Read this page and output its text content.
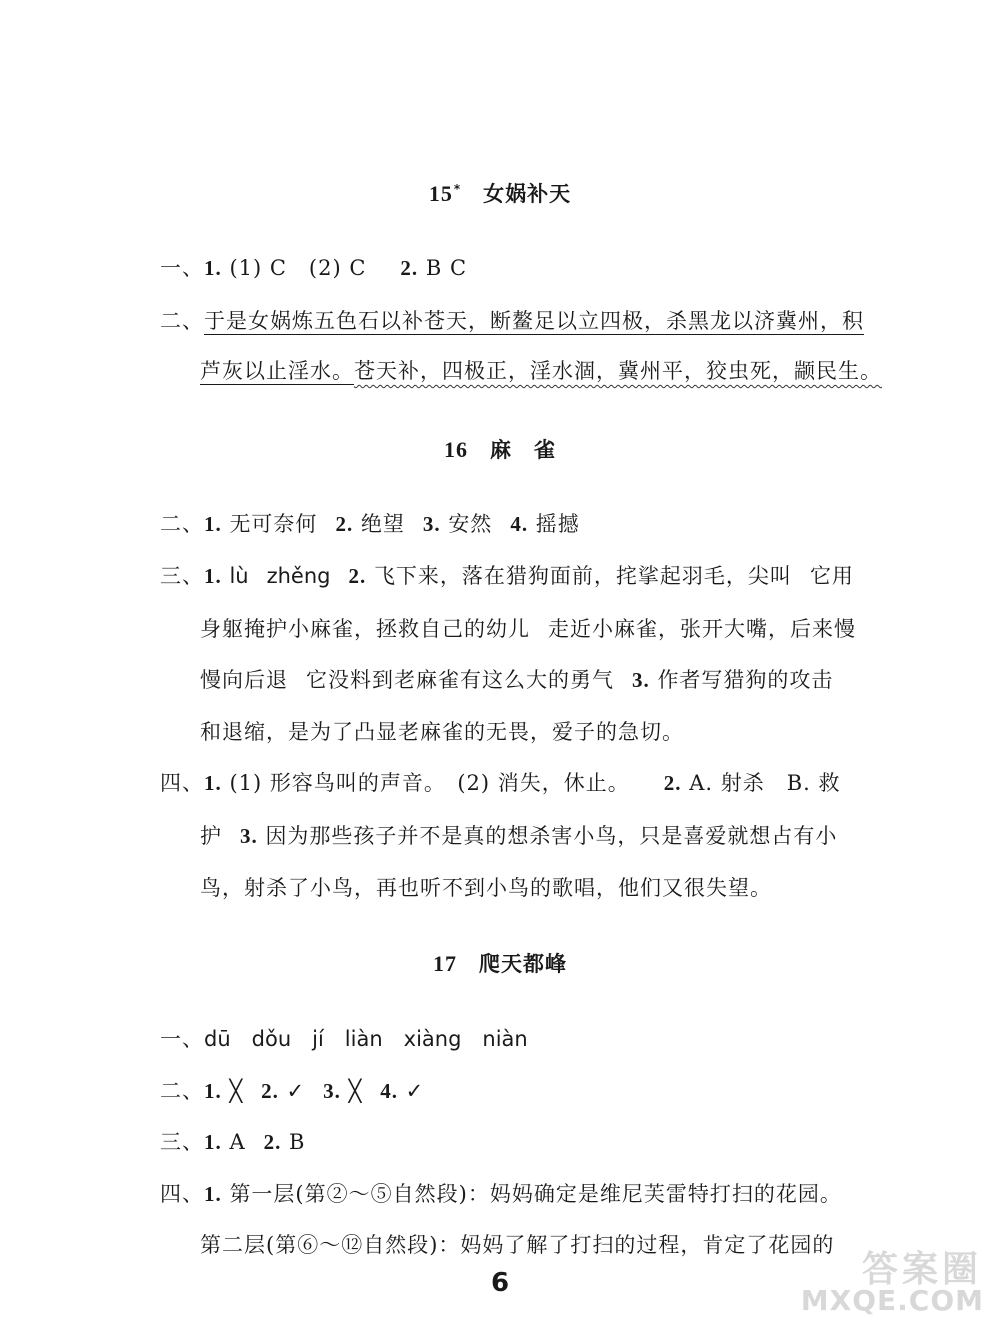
15* 女娲补天
一、1. (1) C　(2) C 2. B C
二、于是女娲炼五色石以补苍天，断鳌足以立四极，杀黑龙以济冀州，积
芦灰以止淫水。苍天补，四极正，淫水涸，冀州平，狡虫死，颛民生。
16 麻 雀
二、1. 无可奈何 2. 绝望 3. 安然 4. 摇撼
三、1. lù zhěng 2. 飞下来，落在猎狗面前，挓挲起羽毛，尖叫 它用
身躯掩护小麻雀，拯救自己的幼儿 走近小麻雀，张开大嘴，后来慢
慢向后退 它没料到老麻雀有这么大的勇气 3. 作者写猎狗的攻击
和退缩，是为了凸显老麻雀的无畏，爱子的急切。
四、1. (1) 形容鸟叫的声音。　(2) 消失，休止。 2. A. 射杀　B. 救
护 3. 因为那些孩子并不是真的想杀害小鸟，只是喜爱就想占有小
鸟，射杀了小鸟，再也听不到小鸟的歌唱，他们又很失望。
17 爬天都峰
一、dū　dǒu　jí　liàn　xiàng　niàn
二、1. ╳ 2. ✓ 3. ╳ 4. ✓
三、1. A 2. B
四、1. 第一层(第②～⑤自然段)：妈妈确定是维尼芙雷特打扫的花园。
第二层(第⑥～⑫自然段)：妈妈了解了打扫的过程，肯定了花园的
6	答案圈
MXQE.COM
